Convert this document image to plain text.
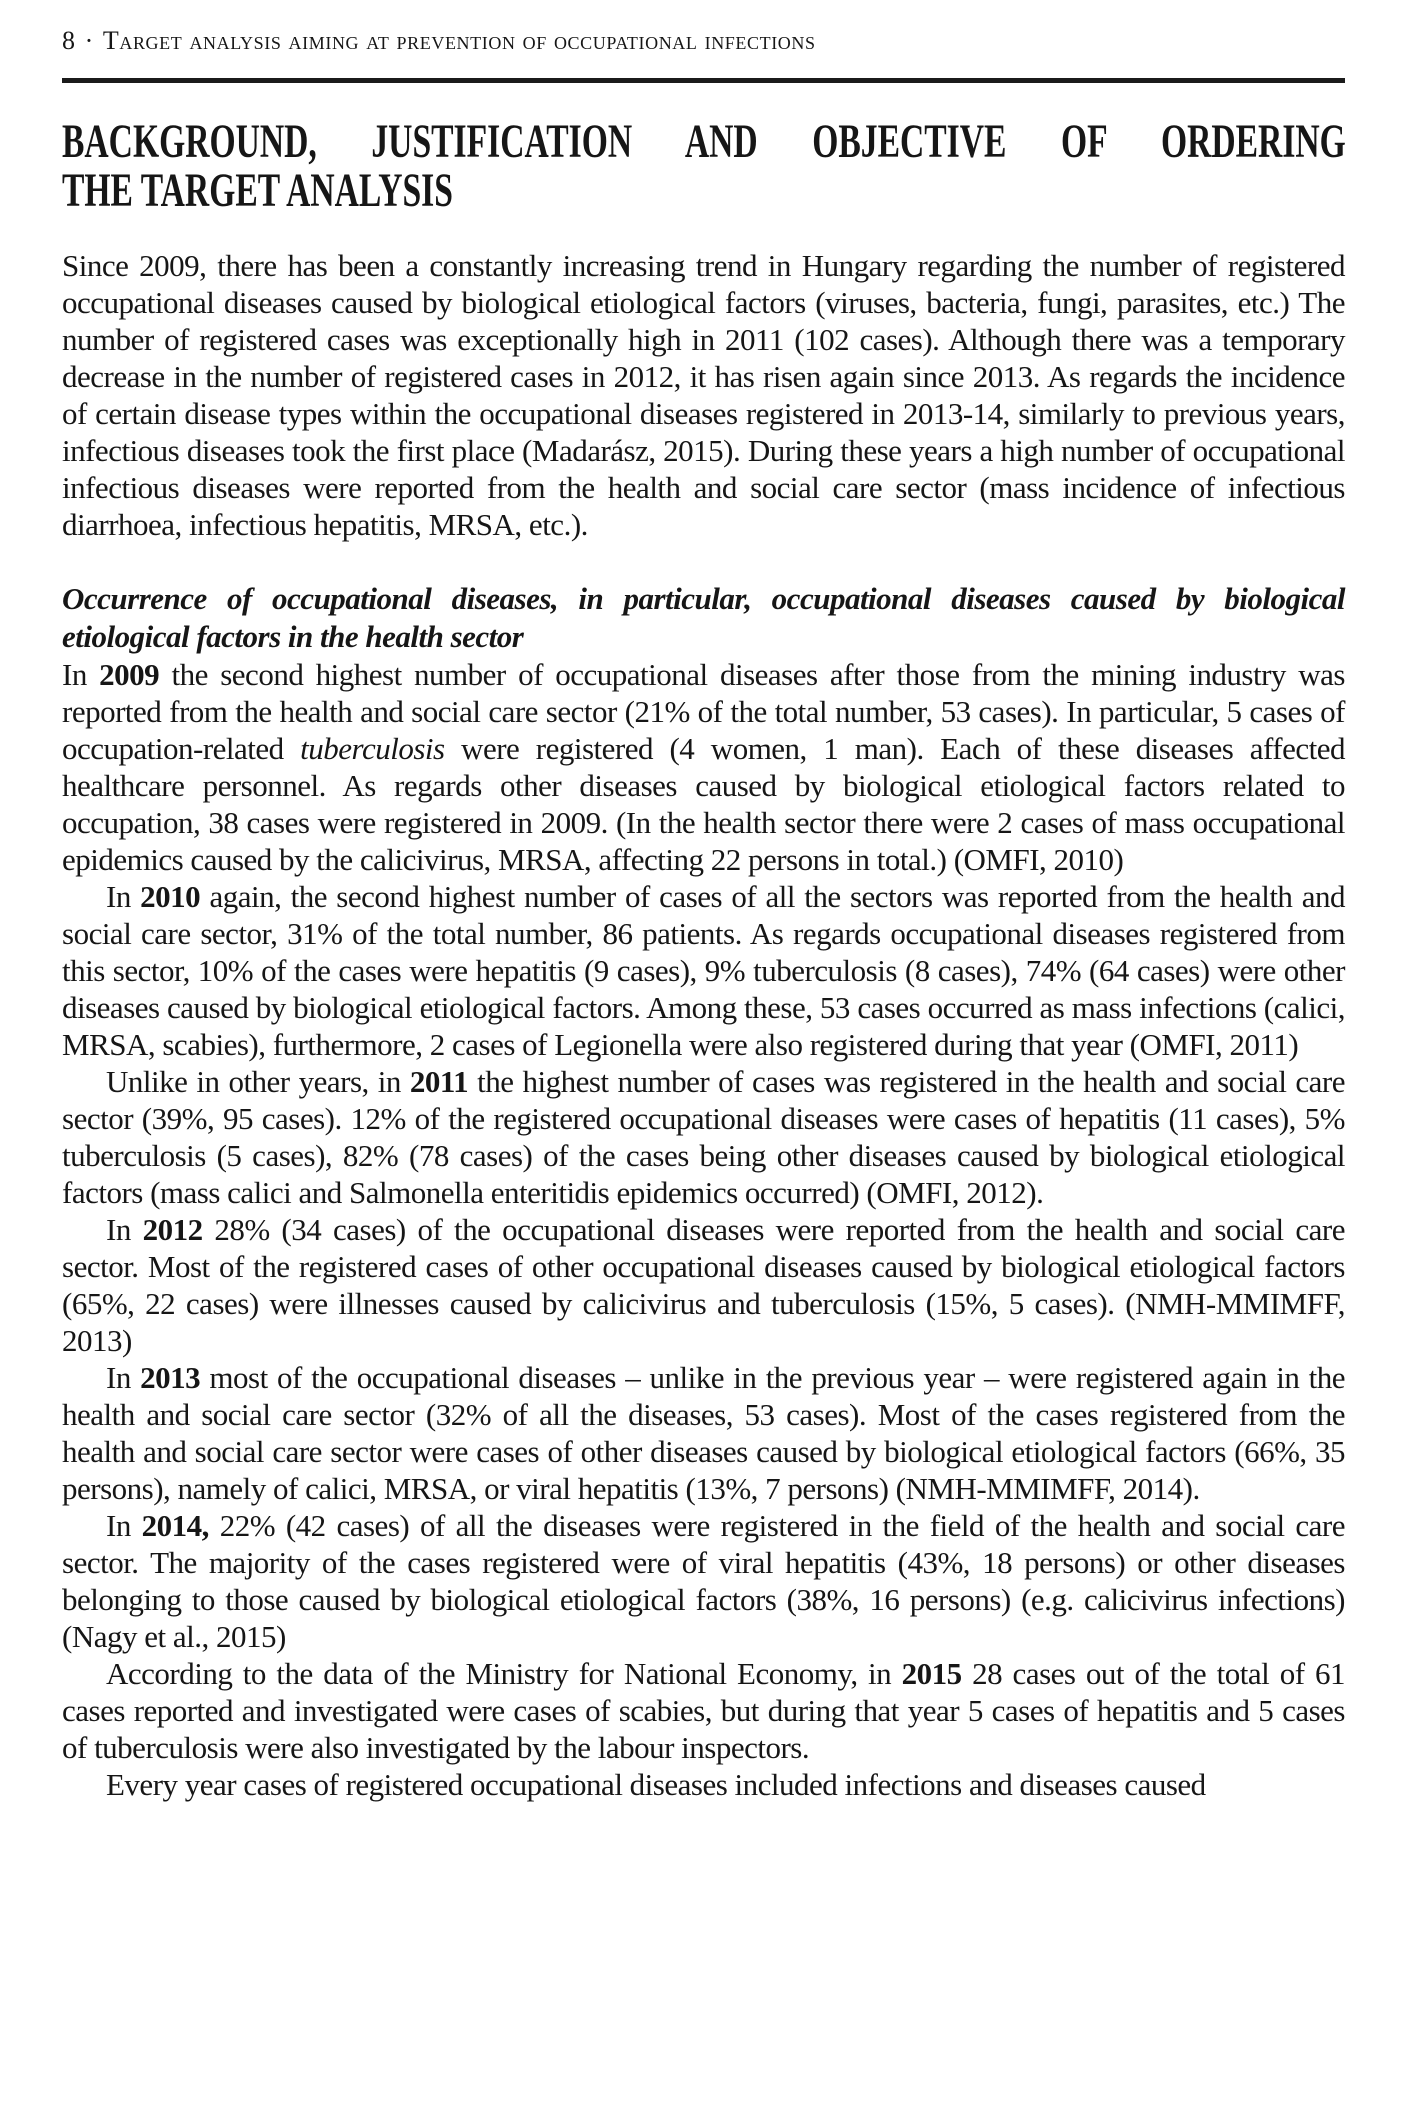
8 · Target analysis aiming at prevention of occupational infections
BACKGROUND, JUSTIFICATION AND OBJECTIVE OF ORDERING
THE TARGET ANALYSIS

Since 2009, there has been a constantly increasing trend in Hungary regarding the number of registered occupational diseases caused by biological etiological factors (viruses, bacteria, fungi, parasites, etc.) The number of registered cases was exceptionally high in 2011 (102 cases). Although there was a temporary decrease in the number of registered cases in 2012, it has risen again since 2013. As regards the incidence of certain disease types within the occupational diseases registered in 2013-14, similarly to previous years, infectious diseases took the first place (Madarász, 2015). During these years a high number of occupational infectious diseases were reported from the health and social care sector (mass incidence of infectious diarrhoea, infectious hepatitis, MRSA, etc.).

Occurrence of occupational diseases, in particular, occupational diseases caused by biological etiological factors in the health sector

In 2009 the second highest number of occupational diseases after those from the mining industry was reported from the health and social care sector (21% of the total number, 53 cases). In particular, 5 cases of occupation-related tuberculosis were registered (4 women, 1 man). Each of these diseases affected healthcare personnel. As regards other diseases caused by biological etiological factors related to occupation, 38 cases were registered in 2009. (In the health sector there were 2 cases of mass occupational epidemics caused by the calicivirus, MRSA, affecting 22 persons in total.) (OMFI, 2010)

In 2010 again, the second highest number of cases of all the sectors was reported from the health and social care sector, 31% of the total number, 86 patients. As regards occupational diseases registered from this sector, 10% of the cases were hepatitis (9 cases), 9% tuberculosis (8 cases), 74% (64 cases) were other diseases caused by biological etiological factors. Among these, 53 cases occurred as mass infections (calici, MRSA, scabies), furthermore, 2 cases of Legionella were also registered during that year (OMFI, 2011)

Unlike in other years, in 2011 the highest number of cases was registered in the health and social care sector (39%, 95 cases). 12% of the registered occupational diseases were cases of hepatitis (11 cases), 5% tuberculosis (5 cases), 82% (78 cases) of the cases being other diseases caused by biological etiological factors (mass calici and Salmonella enteritidis epidemics occurred) (OMFI, 2012).

In 2012 28% (34 cases) of the occupational diseases were reported from the health and social care sector. Most of the registered cases of other occupational diseases caused by biological etiological factors (65%, 22 cases) were illnesses caused by calicivirus and tuberculosis (15%, 5 cases). (NMH-MMIMFF, 2013)

In 2013 most of the occupational diseases – unlike in the previous year – were registered again in the health and social care sector (32% of all the diseases, 53 cases). Most of the cases registered from the health and social care sector were cases of other diseases caused by biological etiological factors (66%, 35 persons), namely of calici, MRSA, or viral hepatitis (13%, 7 persons) (NMH-MMIMFF, 2014).

In 2014, 22% (42 cases) of all the diseases were registered in the field of the health and social care sector. The majority of the cases registered were of viral hepatitis (43%, 18 persons) or other diseases belonging to those caused by biological etiological factors (38%, 16 persons) (e.g. calicivirus infections) (Nagy et al., 2015)

According to the data of the Ministry for National Economy, in 2015 28 cases out of the total of 61 cases reported and investigated were cases of scabies, but during that year 5 cases of hepatitis and 5 cases of tuberculosis were also investigated by the labour inspectors.

Every year cases of registered occupational diseases included infections and diseases caused
